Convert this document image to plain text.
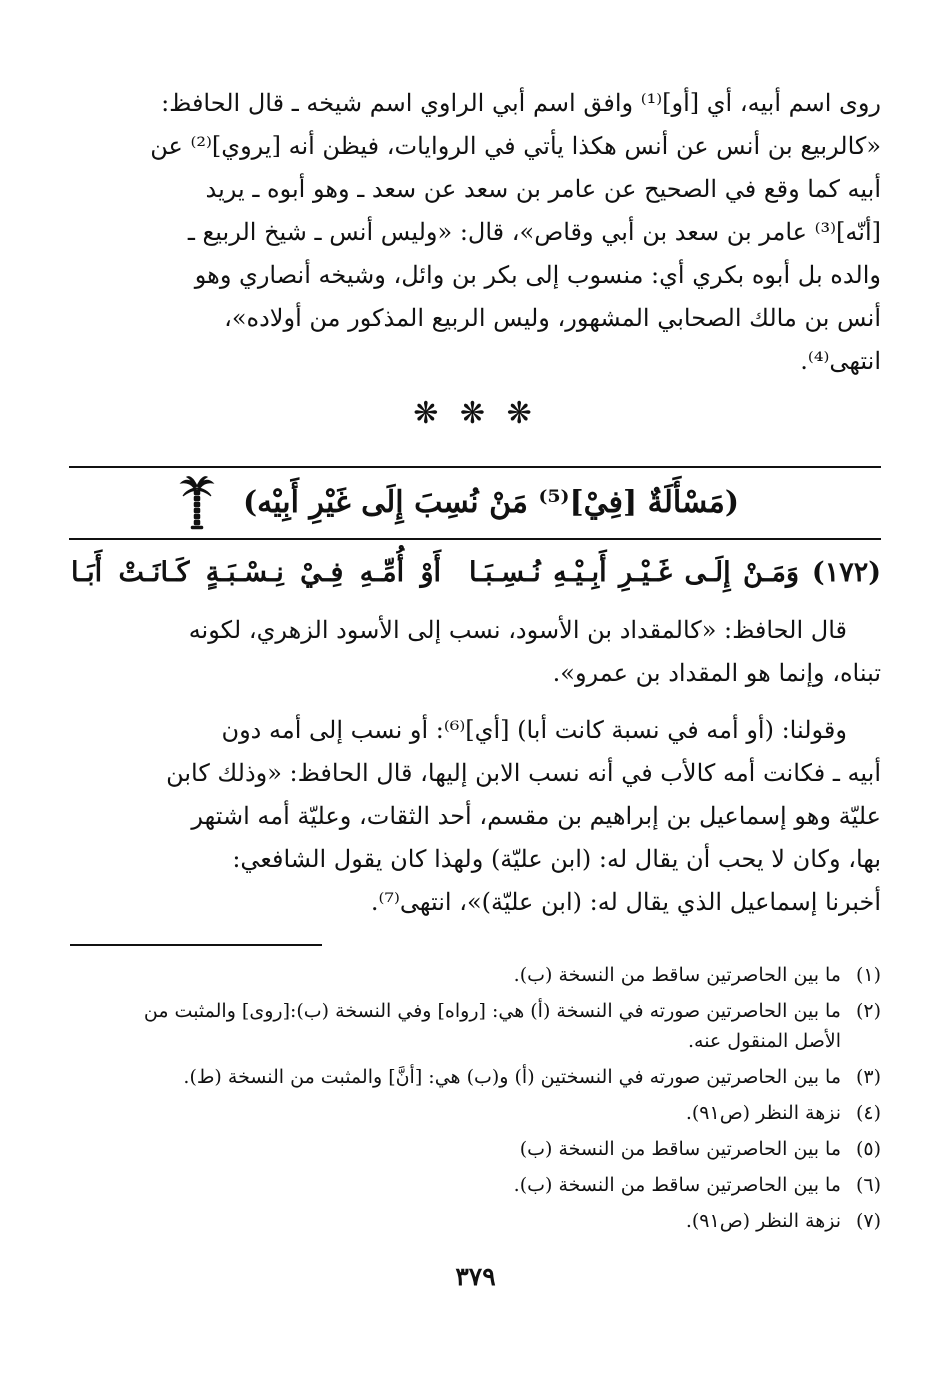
روى اسم أبيه، أي [أو]⁽¹⁾ وافق اسم أبي الراوي اسم شيخه ـ قال الحافظ:

«كالربيع بن أنس عن أنس هكذا يأتي في الروايات، فيظن أنه [يروي]⁽²⁾ عن

أبيه كما وقع في الصحيح عن عامر بن سعد عن سعد ـ وهو أبوه ـ يريد

[أنّه]⁽³⁾ عامر بن سعد بن أبي وقاص»، قال: «وليس أنس ـ شيخ الربيع ـ

والده بل أبوه بكري أي: منسوب إلى بكر بن وائل، وشيخه أنصاري وهو

أنس بن مالك الصحابي المشهور، وليس الربيع المذكور من أولاده»،

انتهى⁽⁴⁾.

❋ ❋ ❋
(مَسْأَلَةٌ [فِيْ]⁽⁵⁾ مَنْ نُسِبَ إِلَى غَيْرِ أَبِيْه)
(١٧٢)
وَمَـنْ إِلَـى غَـيْـرِ أَبِـيْـهِ نُـسِـبَـا
أَوْ أُمِّـهِ فِـيْ نِـسْـبَـةٍ كَـانَـتْ أَبَـا

قال الحافظ: «كالمقداد بن الأسود، نسب إلى الأسود الزهري، لكونه

تبناه، وإنما هو المقداد بن عمرو».

وقولنا: (أو أمه في نسبة كانت أبا) [أي]⁽⁶⁾: أو نسب إلى أمه دون

أبيه ـ فكانت أمه كالأب في أنه نسب الابن إليها، قال الحافظ: «وذلك كابن

عليّة وهو إسماعيل بن إبراهيم بن مقسم، أحد الثقات، وعليّة أمه اشتهر

بها، وكان لا يحب أن يقال له: (ابن عليّة) ولهذا كان يقول الشافعي:

أخبرنا إسماعيل الذي يقال له: (ابن عليّة)»، انتهى⁽⁷⁾.

(١)
ما بين الحاصرتين ساقط من النسخة (ب).
(٢)
ما بين الحاصرتين صورته في النسخة (أ) هي: [رواه] وفي النسخة (ب):[روى] والمثبت من الأصل المنقول عنه.
(٣)
ما بين الحاصرتين صورته في النسختين (أ) و(ب) هي: [أنَّ] والمثبت من النسخة (ط).
(٤)
نزهة النظر (ص٩١).
(٥)
ما بين الحاصرتين ساقط من النسخة (ب)
(٦)
ما بين الحاصرتين ساقط من النسخة (ب).
(٧)
نزهة النظر (ص٩١).
٣٧٩
